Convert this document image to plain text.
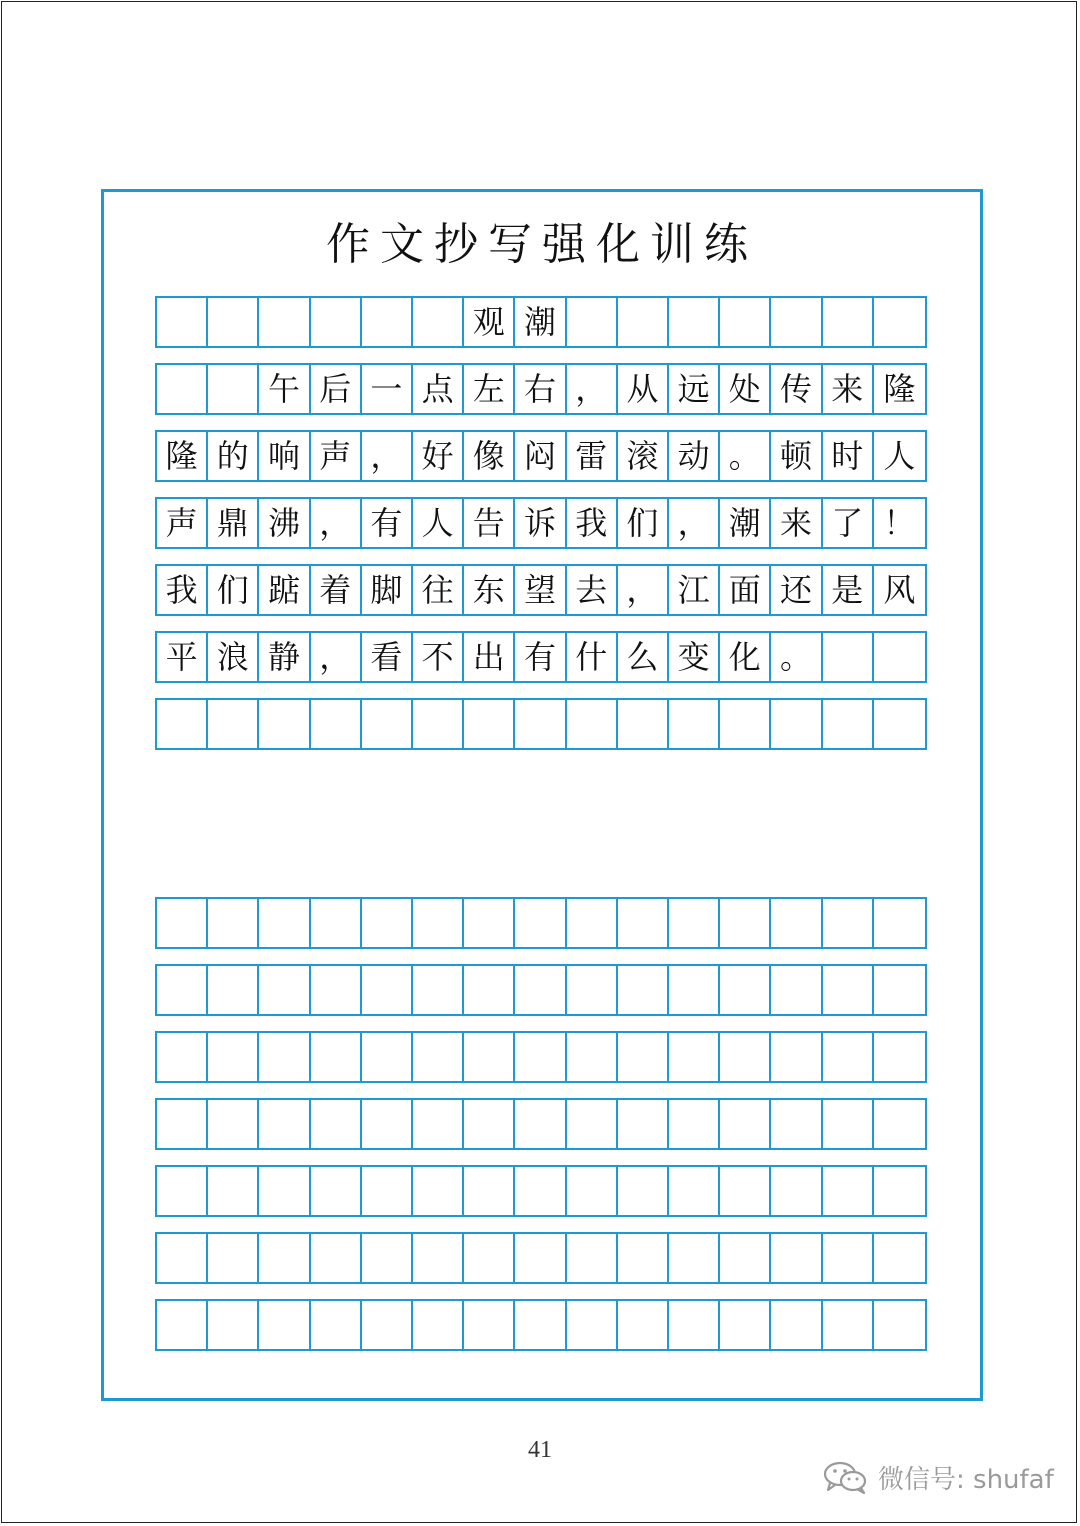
作文抄写强化训练
观 潮
午 后 一 点 左 右 ， 从 远 处 传 来 隆
隆 的 响 声 ， 好 像 闷 雷 滚 动 。 顿 时 人
声 鼎 沸 ， 有 人 告 诉 我 们 ， 潮 来 了 ！
我 们 踮 着 脚 往 东 望 去 ， 江 面 还 是 风
平 浪 静 ， 看 不 出 有 什 么 变 化 。
41
微信号: shufaf
